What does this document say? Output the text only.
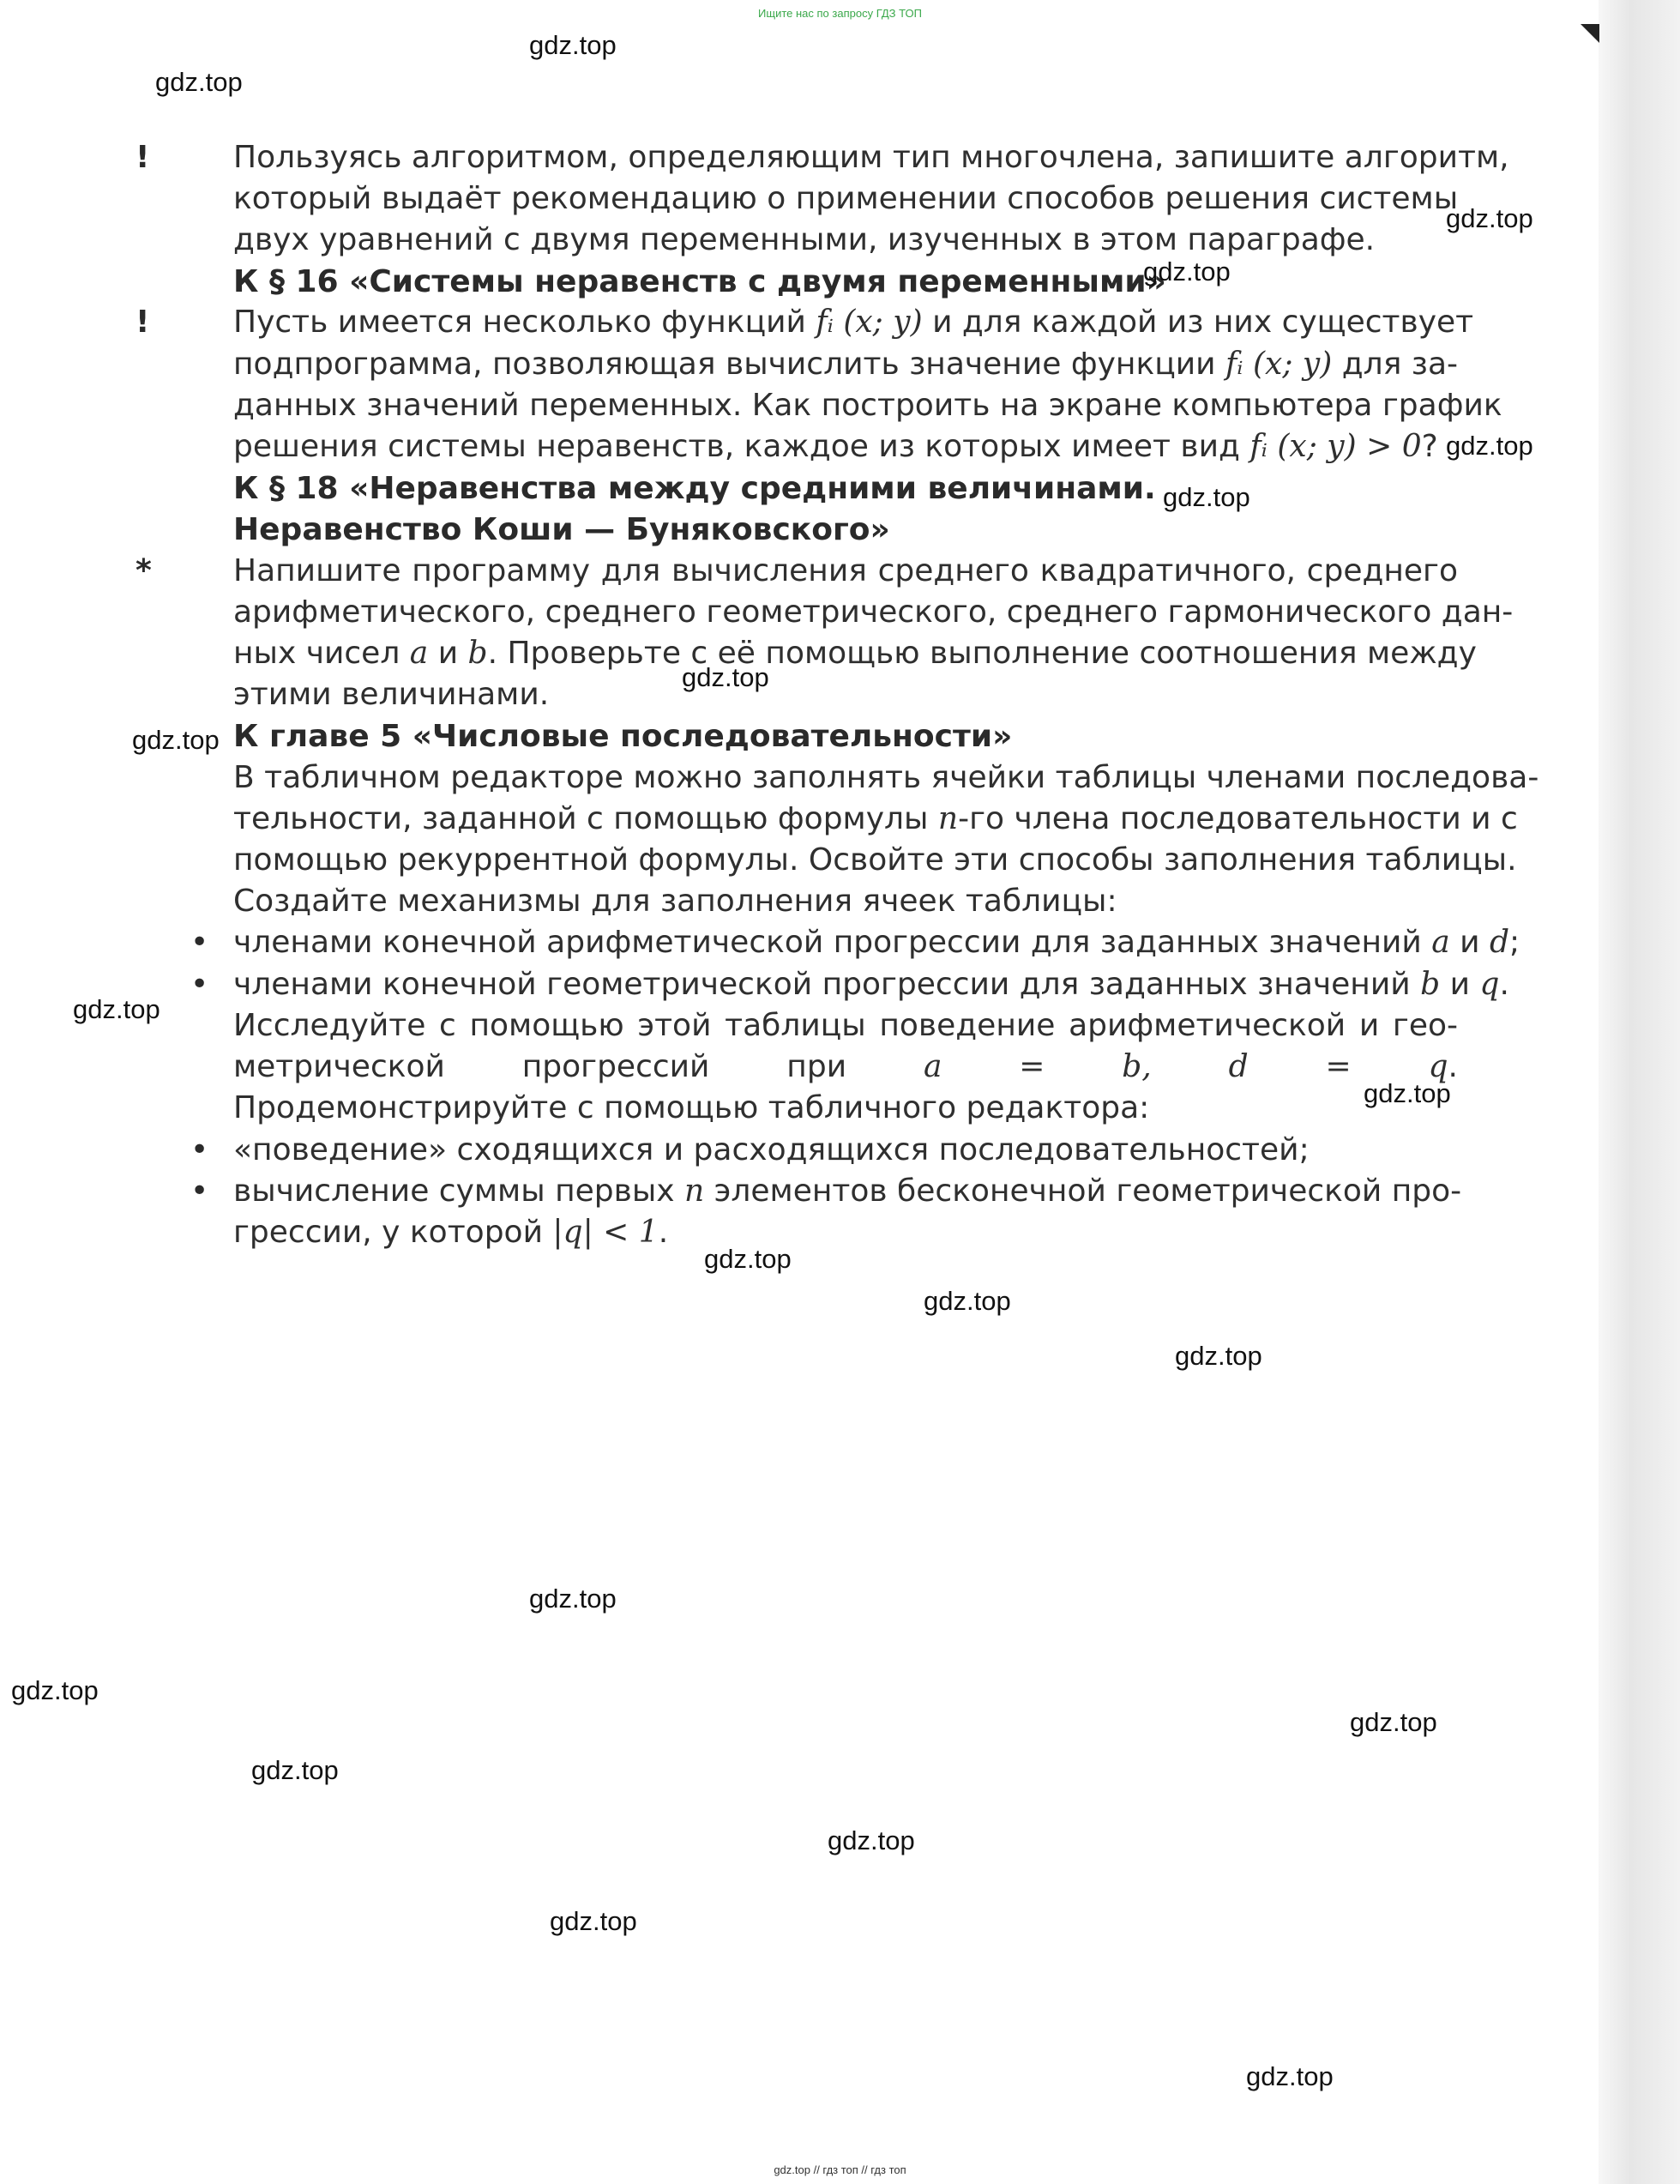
Ищите нас по запросу ГДЗ ТОП
gdz.top // гдз топ // гдз топ
!	Пользуясь алгоритмом, определяющим тип многочлена, запишите алгоритм,
который выдаёт рекомендацию о применении способов решения системы
двух уравнений с двумя переменными, изученных в этом параграфе.
К § 16 «Системы неравенств с двумя переменными»
!	Пусть имеется несколько функций fᵢ (x; y) и для каждой из них существует
подпрограмма, позволяющая вычислить значение функции fᵢ (x; y) для за-
данных значений переменных. Как построить на экране компьютера график
решения системы неравенств, каждое из которых имеет вид fᵢ (x; y) > 0?
К § 18 «Неравенства между средними величинами.
Неравенство Коши — Буняковского»
*	Напишите программу для вычисления среднего квадратичного, среднего
арифметического, среднего геометрического, среднего гармонического дан-
ных чисел a и b. Проверьте с её помощью выполнение соотношения между
этими величинами.
К главе 5 «Числовые последовательности»
В табличном редакторе можно заполнять ячейки таблицы членами последова-
тельности, заданной с помощью формулы n-го члена последовательности и с
помощью рекуррентной формулы. Освойте эти способы заполнения таблицы.
Создайте механизмы для заполнения ячеек таблицы:
• членами конечной арифметической прогрессии для заданных значений a и d;
• членами конечной геометрической прогрессии для заданных значений b и q.
Исследуйте с помощью этой таблицы поведение арифметической и гео-
метрической прогрессий при a = b, d = q.
Продемонстрируйте с помощью табличного редактора:
• «поведение» сходящихся и расходящихся последовательностей;
• вычисление суммы первых n элементов бесконечной геометрической про-
грессии, у которой |q| < 1.
gdz.top
gdz.top
gdz.top
gdz.top
gdz.top
gdz.top
gdz.top
gdz.top
gdz.top
gdz.top
gdz.top
gdz.top
gdz.top
gdz.top
gdz.top
gdz.top
gdz.top
gdz.top
gdz.top
gdz.top
